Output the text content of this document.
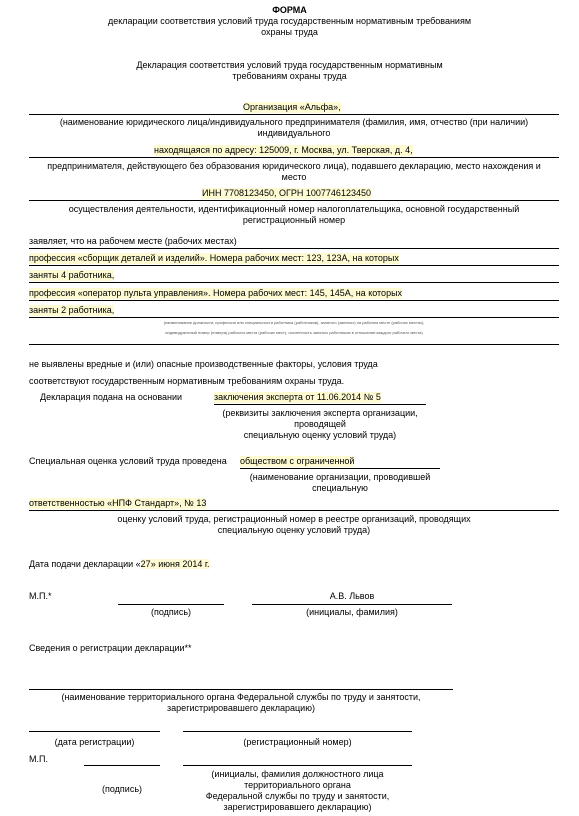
ФОРМА
декларации соответствия условий труда государственным нормативным требованиям
охраны труда
Декларация соответствия условий труда государственным нормативным
требованиям охраны труда
Организация «Альфа»,
(наименование юридического лица/индивидуального предпринимателя (фамилия, имя, отчество (при наличии)
индивидуального
находящаяся по адресу: 125009, г. Москва, ул. Тверская, д. 4,
предпринимателя, действующего без образования юридического лица), подавшего декларацию, место нахождения и
место
ИНН 7708123450, ОГРН 1007746123450
осуществления деятельности, идентификационный номер налогоплательщика, основной государственный
регистрационный номер
заявляет, что на рабочем месте (рабочих местах)
профессия «сборщик деталей и изделий». Номера рабочих мест: 123, 123А, на которых
заняты 4 работника,
профессия «оператор пульта управления». Номера рабочих мест: 145, 145А, на которых
заняты 2 работника,
(наименование должности, профессии или специальности работника (работников), занятого (занятых) на рабочем месте (рабочих местах),
индивидуальный номер (номера) рабочего места (рабочих мест), численность занятых работников в отношении каждого рабочего места)
не выявлены вредные и (или) опасные производственные факторы, условия труда
соответствуют государственным нормативным требованиям охраны труда.
Декларация подана на основании	заключения эксперта от 11.06.2014 № 5
(реквизиты заключения эксперта организации,
проводящей
специальную оценку условий труда)
Специальная оценка условий труда проведена обществом с ограниченной
(наименование организации, проводившей
специальную
ответственностью «НПФ Стандарт», № 13
оценку условий труда, регистрационный номер в реестре организаций, проводящих
специальную оценку условий труда)
Дата подачи декларации «27» июня 2014 г.
М.П.*	А.В. Львов
(подпись)	(инициалы, фамилия)
Сведения о регистрации декларации**
(наименование территориального органа Федеральной службы по труду и занятости,
зарегистрировавшего декларацию)
(дата регистрации)	(регистрационный номер)
М.П.
(подпись)
(инициалы, фамилия должностного лица
территориального органа
Федеральной службы по труду и занятости,
зарегистрировавшего декларацию)
